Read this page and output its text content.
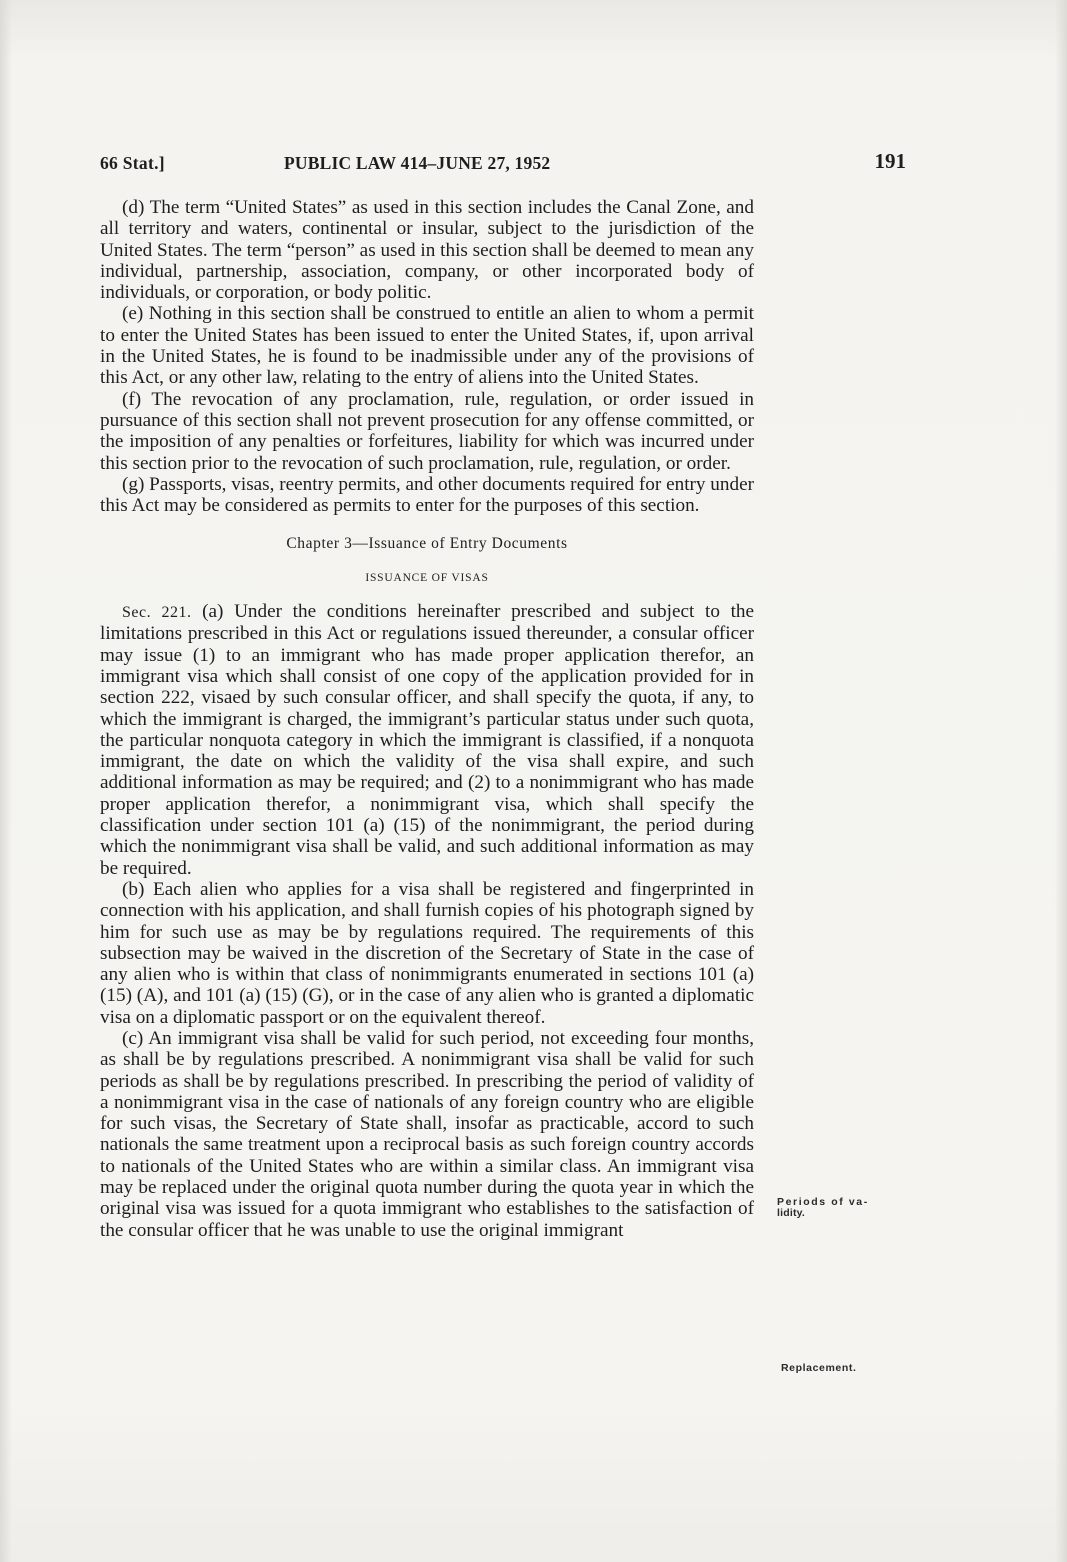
66 Stat.]	PUBLIC LAW 414–JUNE 27, 1952	191

(d) The term “United States” as used in this section includes the Canal Zone, and all territory and waters, continental or insular, subject to the jurisdiction of the United States. The term “person” as used in this section shall be deemed to mean any individual, partnership, association, company, or other incorporated body of individuals, or corporation, or body politic.

(e) Nothing in this section shall be construed to entitle an alien to whom a permit to enter the United States has been issued to enter the United States, if, upon arrival in the United States, he is found to be inadmissible under any of the provisions of this Act, or any other law, relating to the entry of aliens into the United States.

(f) The revocation of any proclamation, rule, regulation, or order issued in pursuance of this section shall not prevent prosecution for any offense committed, or the imposition of any penalties or forfeitures, liability for which was incurred under this section prior to the revocation of such proclamation, rule, regulation, or order.

(g) Passports, visas, reentry permits, and other documents required for entry under this Act may be considered as permits to enter for the purposes of this section.

Chapter 3—Issuance of Entry Documents

ISSUANCE OF VISAS

Sec. 221. (a) Under the conditions hereinafter prescribed and subject to the limitations prescribed in this Act or regulations issued thereunder, a consular officer may issue (1) to an immigrant who has made proper application therefor, an immigrant visa which shall consist of one copy of the application provided for in section 222, visaed by such consular officer, and shall specify the quota, if any, to which the immigrant is charged, the immigrant’s particular status under such quota, the particular nonquota category in which the immigrant is classified, if a nonquota immigrant, the date on which the validity of the visa shall expire, and such additional information as may be required; and (2) to a nonimmigrant who has made proper application therefor, a nonimmigrant visa, which shall specify the classification under section 101 (a) (15) of the nonimmigrant, the period during which the nonimmigrant visa shall be valid, and such additional information as may be required.

(b) Each alien who applies for a visa shall be registered and fingerprinted in connection with his application, and shall furnish copies of his photograph signed by him for such use as may be by regulations required. The requirements of this subsection may be waived in the discretion of the Secretary of State in the case of any alien who is within that class of nonimmigrants enumerated in sections 101 (a) (15) (A), and 101 (a) (15) (G), or in the case of any alien who is granted a diplomatic visa on a diplomatic passport or on the equivalent thereof.

(c) An immigrant visa shall be valid for such period, not exceeding four months, as shall be by regulations prescribed. A nonimmigrant visa shall be valid for such periods as shall be by regulations prescribed. In prescribing the period of validity of a nonimmigrant visa in the case of nationals of any foreign country who are eligible for such visas, the Secretary of State shall, insofar as practicable, accord to such nationals the same treatment upon a reciprocal basis as such foreign country accords to nationals of the United States who are within a similar class. An immigrant visa may be replaced under the original quota number during the quota year in which the original visa was issued for a quota immigrant who establishes to the satisfaction of the consular officer that he was unable to use the original immigrant

Periods of va-
lidity.
Replacement.
